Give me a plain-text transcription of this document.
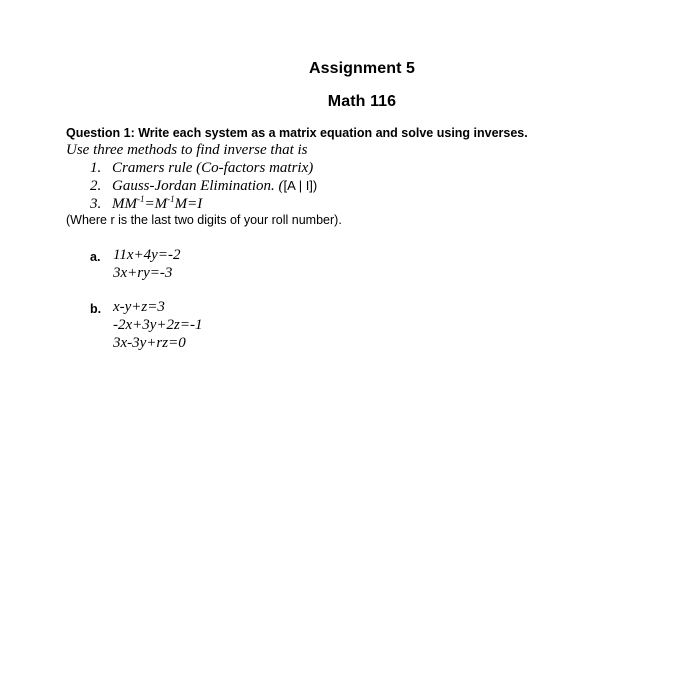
Assignment 5
Math 116
Question 1: Write each system as a matrix equation and solve using inverses.
Use three methods to find inverse that is
1. Cramers rule (Co-factors matrix)
2. Gauss-Jordan Elimination. ([A | I])
3. $MM^{-1}=M^{-1}M=I$
(Where r is the last two digits of your roll number).
a. 11x+4y=-2
3x+ry=-3
b. x-y+z=3
-2x+3y+2z=-1
3x-3y+rz=0
